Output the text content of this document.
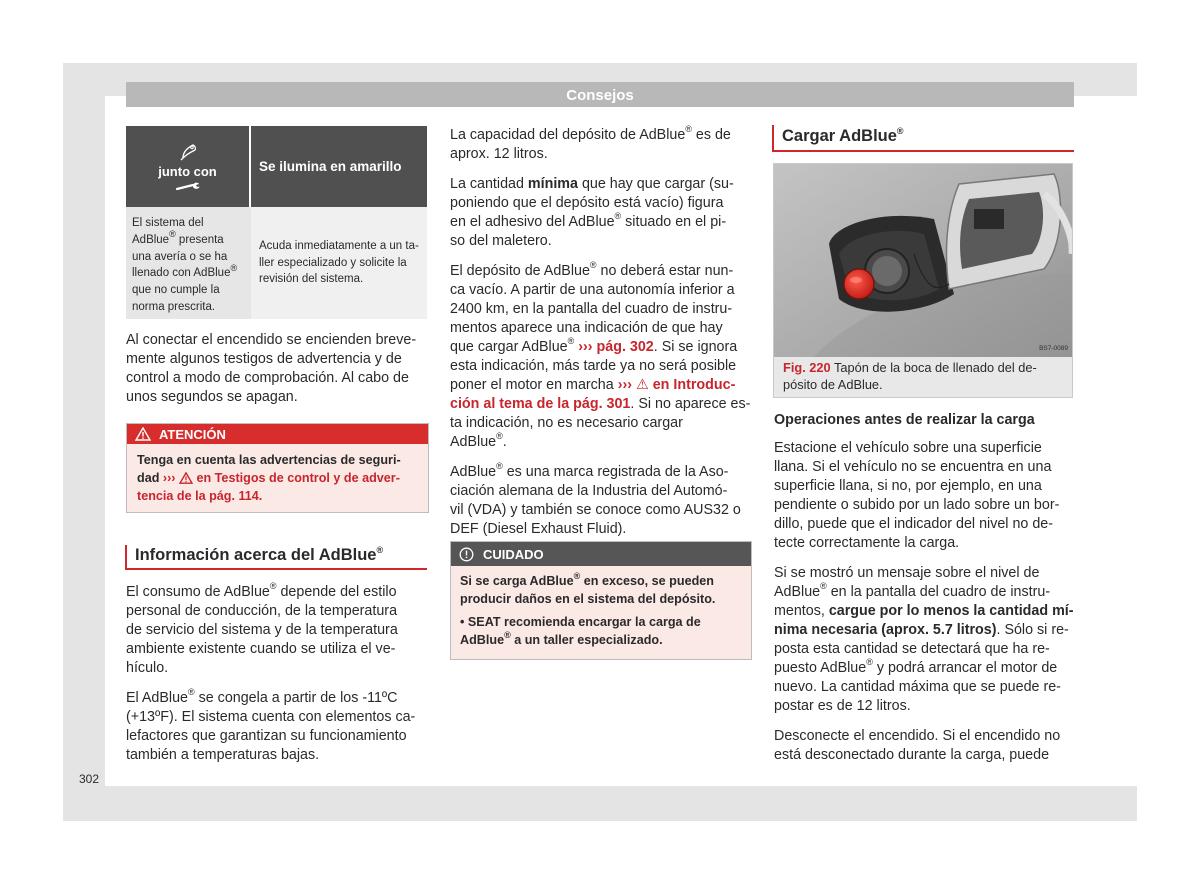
Consejos
junto con	Se ilumina en amarillo
El sistema del
AdBlue® presenta
una avería o se ha
llenado con AdBlue®
que no cumple la
norma prescrita.
Acuda inmediatamente a un ta-
ller especializado y solicite la
revisión del sistema.
Al conectar el encendido se encienden breve-
mente algunos testigos de advertencia y de
control a modo de comprobación. Al cabo de
unos segundos se apagan.
ATENCIÓN
Tenga en cuenta las advertencias de seguri-
dad ›››  en Testigos de control y de adver-
tencia de la pág. 114.
Información acerca del AdBlue®

El consumo de AdBlue® depende del estilo
personal de conducción, de la temperatura
de servicio del sistema y de la temperatura
ambiente existente cuando se utiliza el ve-
hículo.

El AdBlue® se congela a partir de los -11ºC
(+13ºF). El sistema cuenta con elementos ca-
lefactores que garantizan su funcionamiento
también a temperaturas bajas.

La capacidad del depósito de AdBlue® es de
aprox. 12 litros.

La cantidad mínima que hay que cargar (su-
poniendo que el depósito está vacío) figura
en el adhesivo del AdBlue® situado en el pi-
so del maletero.

El depósito de AdBlue® no deberá estar nun-
ca vacío. A partir de una autonomía inferior a
2400 km, en la pantalla del cuadro de instru-
mentos aparece una indicación de que hay
que cargar AdBlue® ››› pág. 302. Si se ignora
esta indicación, más tarde ya no será posible
poner el motor en marcha ››› ⚠ en Introduc-
ción al tema de la pág. 301. Si no aparece es-
ta indicación, no es necesario cargar
AdBlue®.

AdBlue® es una marca registrada de la Aso-
ciación alemana de la Industria del Automó-
vil (VDA) y también se conoce como AUS32 o
DEF (Diesel Exhaust Fluid).

CUIDADO

Si se carga AdBlue® en exceso, se pueden
producir daños en el sistema del depósito.

• SEAT recomienda encargar la carga de
AdBlue® a un taller especializado.

Cargar AdBlue®
BS7-0089
Fig. 220 Tapón de la boca de llenado del de-
pósito de AdBlue.

Operaciones antes de realizar la carga

Estacione el vehículo sobre una superficie
llana. Si el vehículo no se encuentra en una
superficie llana, si no, por ejemplo, en una
pendiente o subido por un lado sobre un bor-
dillo, puede que el indicador del nivel no de-
tecte correctamente la carga.

Si se mostró un mensaje sobre el nivel de
AdBlue® en la pantalla del cuadro de instru-
mentos, cargue por lo menos la cantidad mí-
nima necesaria (aprox. 5.7 litros). Sólo si re-
posta esta cantidad se detectará que ha re-
puesto AdBlue® y podrá arrancar el motor de
nuevo. La cantidad máxima que se puede re-
postar es de 12 litros.

Desconecte el encendido. Si el encendido no
está desconectado durante la carga, puede

302
